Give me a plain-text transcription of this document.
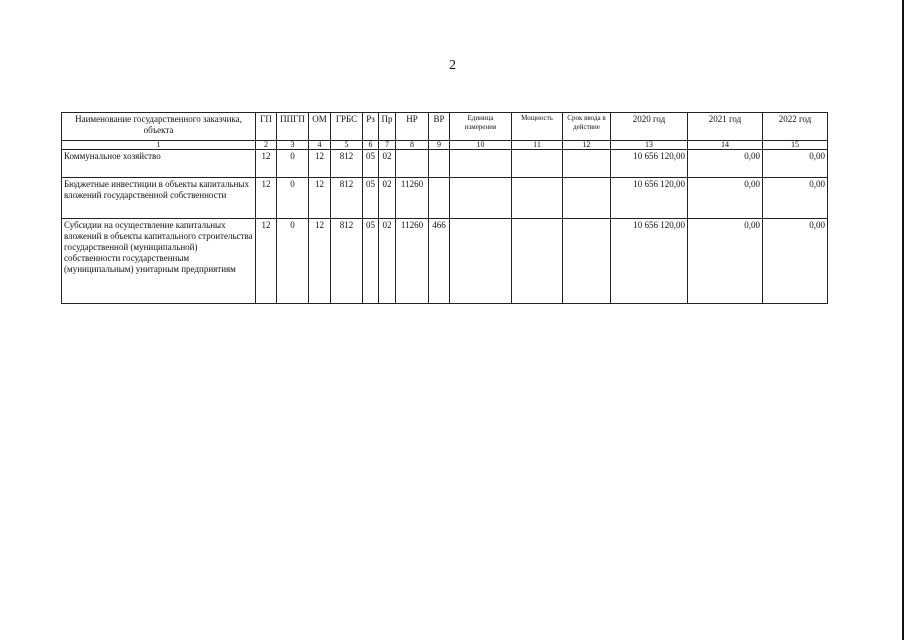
2
Наименование государственного заказчика, объекта	ГП	ППГП	ОМ	ГРБС	Рз	Пр	НР	ВР	Единица измерения	Мощность	Срок ввода в действие	2020 год	2021 год	2022 год
1	2	3	4	5	6	7	8	9	10	11	12	13	14	15
Коммунальное хозяйство	12	0	12	812	05	02						10 656 120,00	0,00	0,00
Бюджетные инвестиции в объекты капитальных вложений государственной собственности	12	0	12	812	05	02	11260					10 656 120,00	0,00	0,00
Субсидии на осуществление капитальных вложений в объекты капитального строительства государственной (муниципальной) собственности государственным (муниципальным) унитарным предприятиям	12	0	12	812	05	02	11260	466				10 656 120,00	0,00	0,00
